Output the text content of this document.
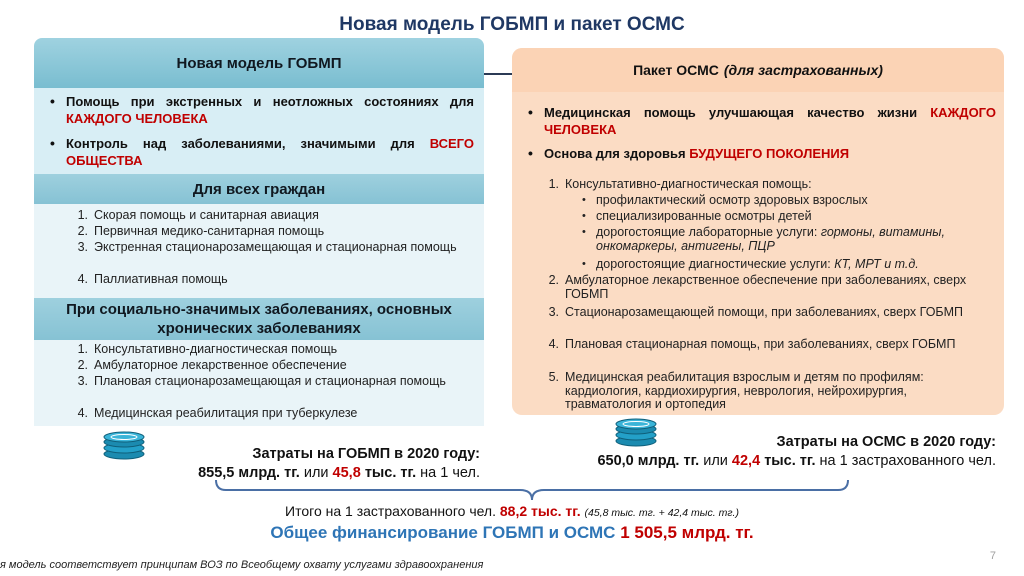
Новая модель ГОБМП и пакет ОСМС
Новая модель ГОБМП
• Помощь при экстренных и неотложных состояниях для КАЖДОГО ЧЕЛОВЕКА
• Контроль над заболеваниями, значимыми для ВСЕГО ОБЩЕСТВА
Для всех граждан
1. Скорая помощь и санитарная авиация
2. Первичная медико-санитарная помощь
3. Экстренная стационарозамещающая и стационарная помощь
4. Паллиативная помощь
При социально-значимых заболеваниях, основных хронических заболеваниях
1. Консультативно-диагностическая помощь
2. Амбулаторное лекарственное обеспечение
3. Плановая стационарозамещающая и стационарная помощь
4. Медицинская реабилитация при туберкулезе
Пакет ОСМС (для застрахованных)
• Медицинская помощь улучшающая качество жизни КАЖДОГО ЧЕЛОВЕКА
• Основа для здоровья БУДУЩЕГО ПОКОЛЕНИЯ
1. Консультативно-диагностическая помощь:
• профилактический осмотр здоровых взрослых
• специализированные осмотры детей
• дорогостоящие лабораторные услуги: гормоны, витамины, онкомаркеры, антигены, ПЦР
• дорогостоящие диагностические услуги: КТ, МРТ и т.д.
2. Амбулаторное лекарственное обеспечение при заболеваниях, сверх ГОБМП
3. Стационарозамещающей помощи, при заболеваниях, сверх ГОБМП
4. Плановая стационарная помощь, при заболеваниях, сверх ГОБМП
5. Медицинская реабилитация взрослым и детям по профилям: кардиология, кардиохирургия, неврология, нейрохирургия, травматология и ортопедия
Затраты на ГОБМП в 2020 году:
855,5 млрд. тг. или 45,8 тыс. тг. на 1 чел.
Затраты на ОСМС в 2020 году:
650,0 млрд. тг. или 42,4 тыс. тг. на 1 застрахованного чел.
Итого на 1 застрахованного чел. 88,2 тыс. тг. (45,8 тыс. тг. + 42,4 тыс. тг.)
Общее финансирование ГОБМП и ОСМС 1 505,5 млрд. тг.
я модель соответствует принципам ВОЗ по Всеобщему охвату услугами здравоохранения
7
